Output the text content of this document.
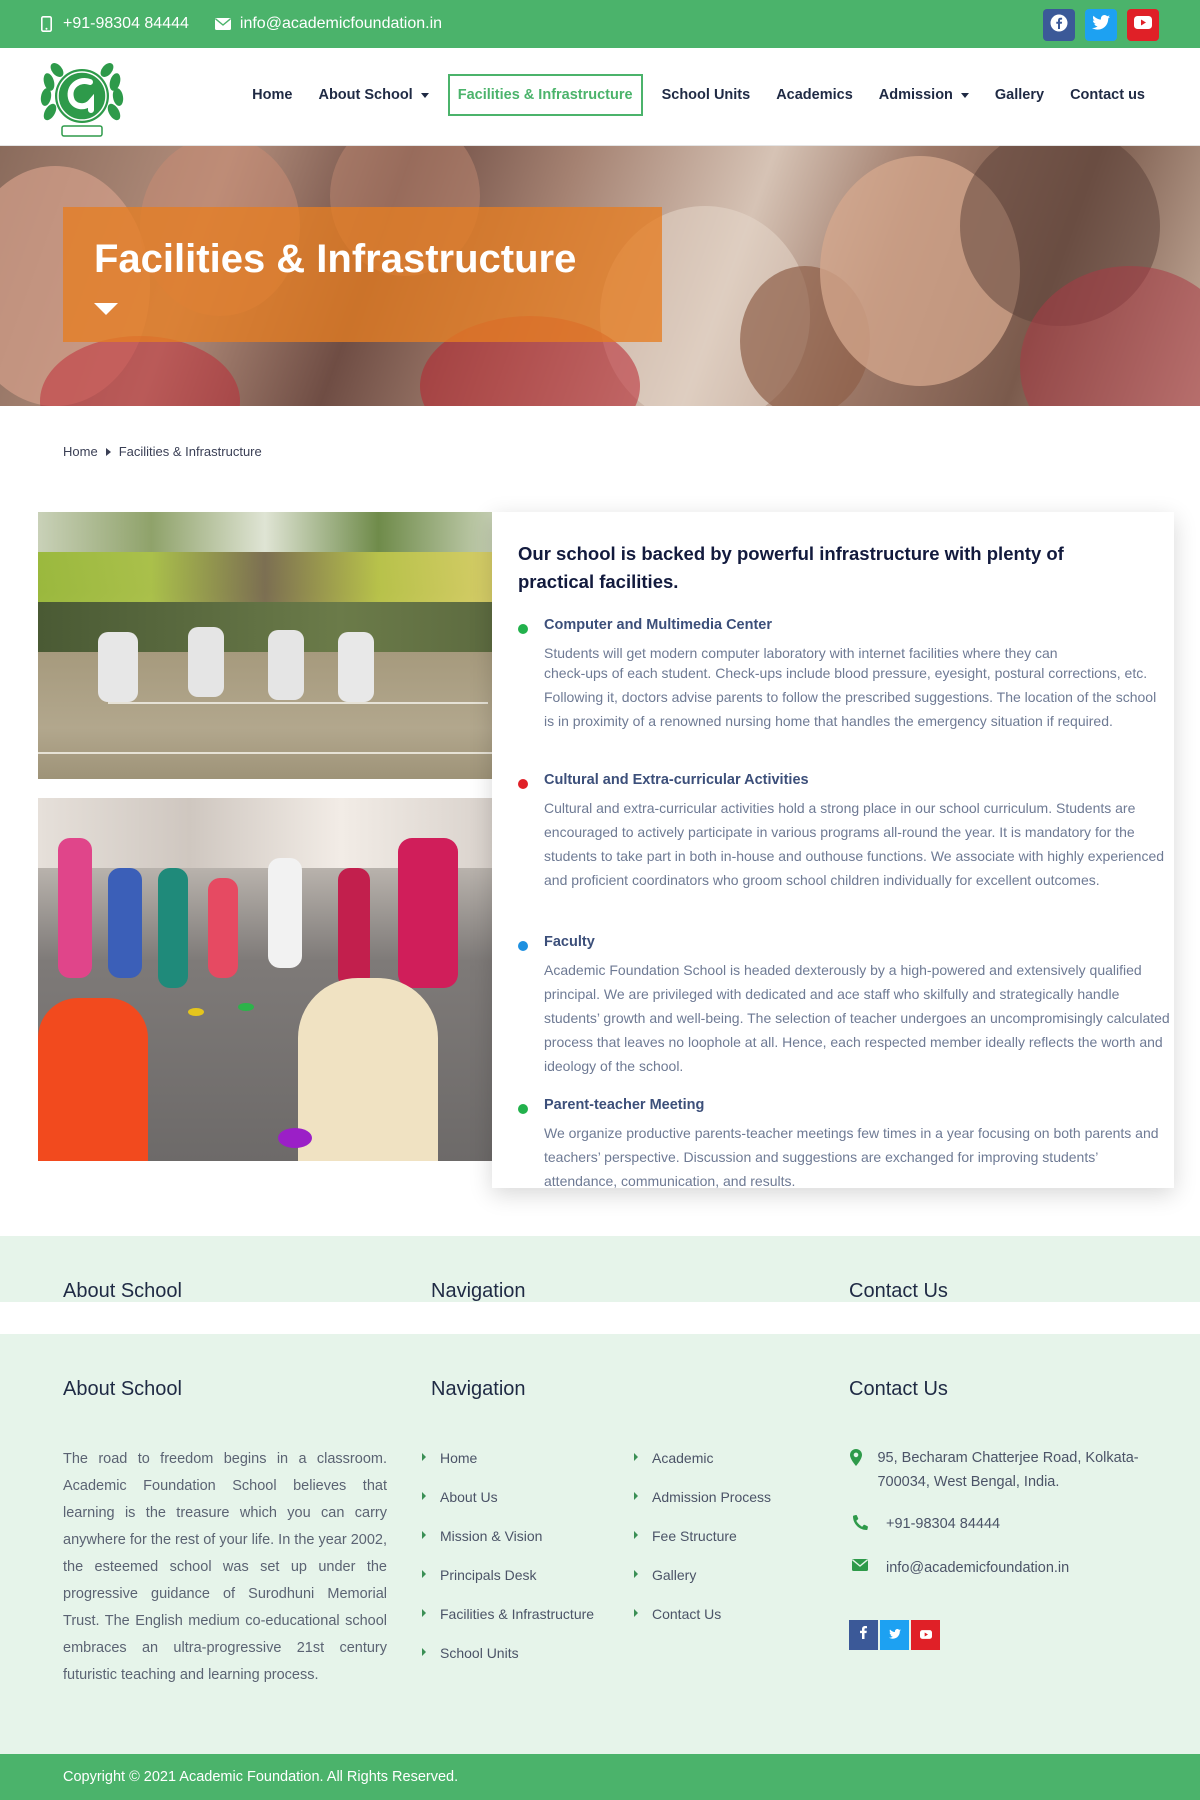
+91-98304 84444	info@academicfoundation.in
Home About School	Facilities & Infrastructure School Units Academics Admission	Gallery Contact us
Facilities & Infrastructure
Home Facilities & Infrastructure
Our school is backed by powerful infrastructure with plenty of practical facilities.
Computer and Multimedia Center
Students will get modern computer laboratory with internet facilities where they can
check-ups of each student. Check-ups include blood pressure, eyesight, postural corrections, etc. Following it, doctors advise parents to follow the prescribed suggestions. The location of the school is in proximity of a renowned nursing home that handles the emergency situation if required.
Cultural and Extra-curricular Activities
Cultural and extra-curricular activities hold a strong place in our school curriculum. Students are encouraged to actively participate in various programs all-round the year. It is mandatory for the students to take part in both in-house and outhouse functions. We associate with highly experienced and proficient coordinators who groom school children individually for excellent outcomes.
Faculty
Academic Foundation School is headed dexterously by a high-powered and extensively qualified principal. We are privileged with dedicated and ace staff who skilfully and strategically handle students’ growth and well-being. The selection of teacher undergoes an uncompromisingly calculated process that leaves no loophole at all. Hence, each respected member ideally reflects the worth and ideology of the school.
Parent-teacher Meeting
We organize productive parents-teacher meetings few times in a year focusing on both parents and teachers’ perspective. Discussion and suggestions are exchanged for improving students’ attendance, communication, and results.
About School	Navigation	Contact Us
About School	Navigation	Contact Us
The road to freedom begins in a classroom. Academic Foundation School believes that learning is the treasure which you can carry anywhere for the rest of your life. In the year 2002, the esteemed school was set up under the progressive guidance of Surodhuni Memorial Trust. The English medium co-educational school embraces an ultra-progressive 21st century futuristic teaching and learning process.
Home
About Us
Mission & Vision
Principals Desk
Facilities & Infrastructure
School Units
Academic
Admission Process
Fee Structure
Gallery
Contact Us
95, Becharam Chatterjee Road, Kolkata-700034, West Bengal, India.
+91-98304 84444
info@academicfoundation.in
Copyright © 2021 Academic Foundation. All Rights Reserved.
